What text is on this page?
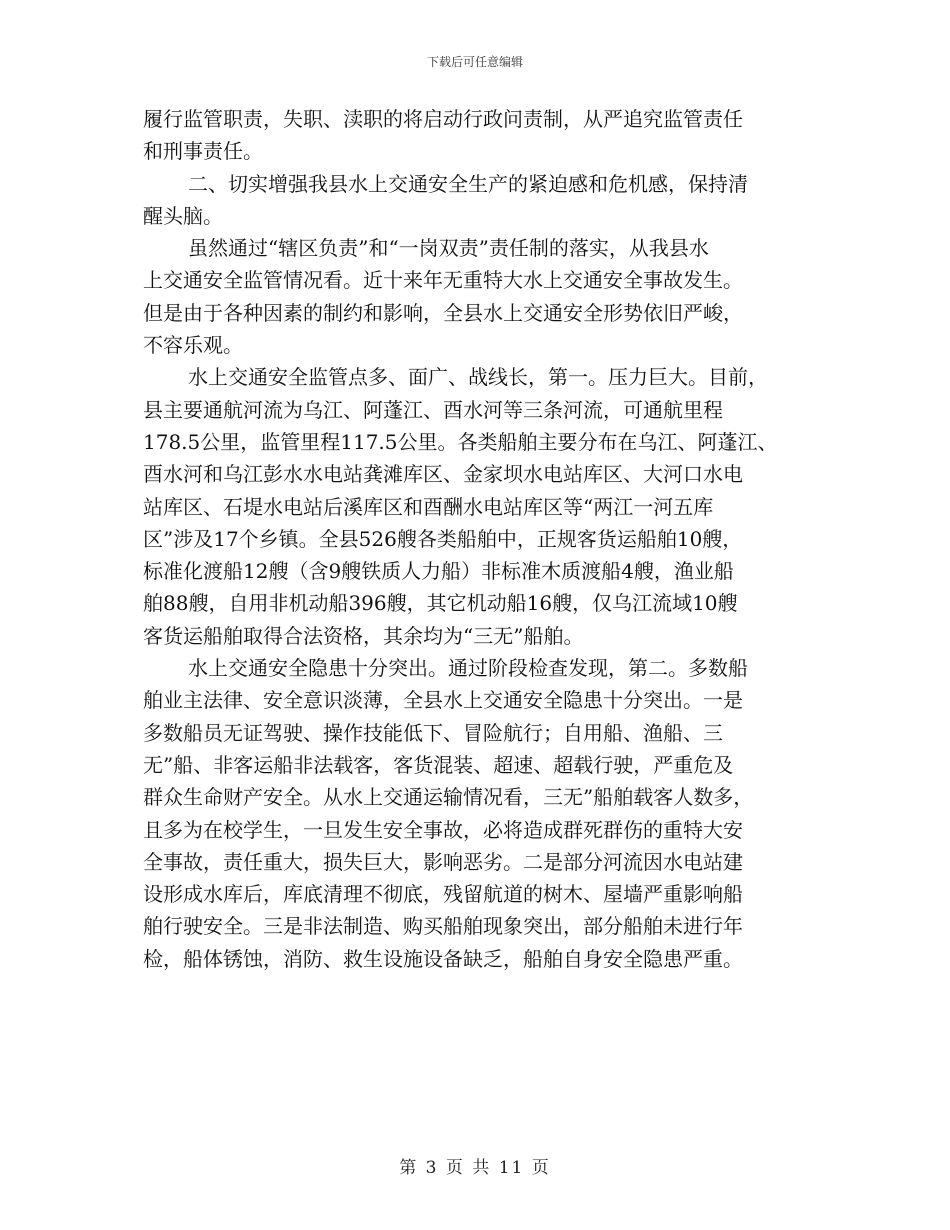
下载后可任意编辑

履行监管职责，失职、渎职的将启动行政问责制，从严追究监管责任
和刑事责任。

二、切实增强我县水上交通安全生产的紧迫感和危机感，保持清
醒头脑。

虽然通过“辖区负责”和“一岗双责”责任制的落实，从我县水
上交通安全监管情况看。近十来年无重特大水上交通安全事故发生。
但是由于各种因素的制约和影响，全县水上交通安全形势依旧严峻，
不容乐观。

水上交通安全监管点多、面广、战线长，第一。压力巨大。目前，
县主要通航河流为乌江、阿蓬江、酉水河等三条河流，可通航里程
178.5公里，监管里程117.5公里。各类船舶主要分布在乌江、阿蓬江、
酉水河和乌江彭水水电站龚滩库区、金家坝水电站库区、大河口水电
站库区、石堤水电站后溪库区和酉酬水电站库区等“两江一河五库
区”涉及17个乡镇。全县526艘各类船舶中，正规客货运船舶10艘，
标准化渡船12艘（含9艘铁质人力船）非标准木质渡船4艘，渔业船
舶88艘，自用非机动船396艘，其它机动船16艘，仅乌江流域10艘
客货运船舶取得合法资格，其余均为“三无”船舶。

水上交通安全隐患十分突出。通过阶段检查发现，第二。多数船
舶业主法律、安全意识淡薄，全县水上交通安全隐患十分突出。一是
多数船员无证驾驶、操作技能低下、冒险航行；自用船、渔船、三
无”船、非客运船非法载客，客货混装、超速、超载行驶，严重危及
群众生命财产安全。从水上交通运输情况看，三无”船舶载客人数多，
且多为在校学生，一旦发生安全事故，必将造成群死群伤的重特大安
全事故，责任重大，损失巨大，影响恶劣。二是部分河流因水电站建
设形成水库后，库底清理不彻底，残留航道的树木、屋墙严重影响船
舶行驶安全。三是非法制造、购买船舶现象突出，部分船舶未进行年
检，船体锈蚀，消防、救生设施设备缺乏，船舶自身安全隐患严重。

第 3 页 共 11 页
